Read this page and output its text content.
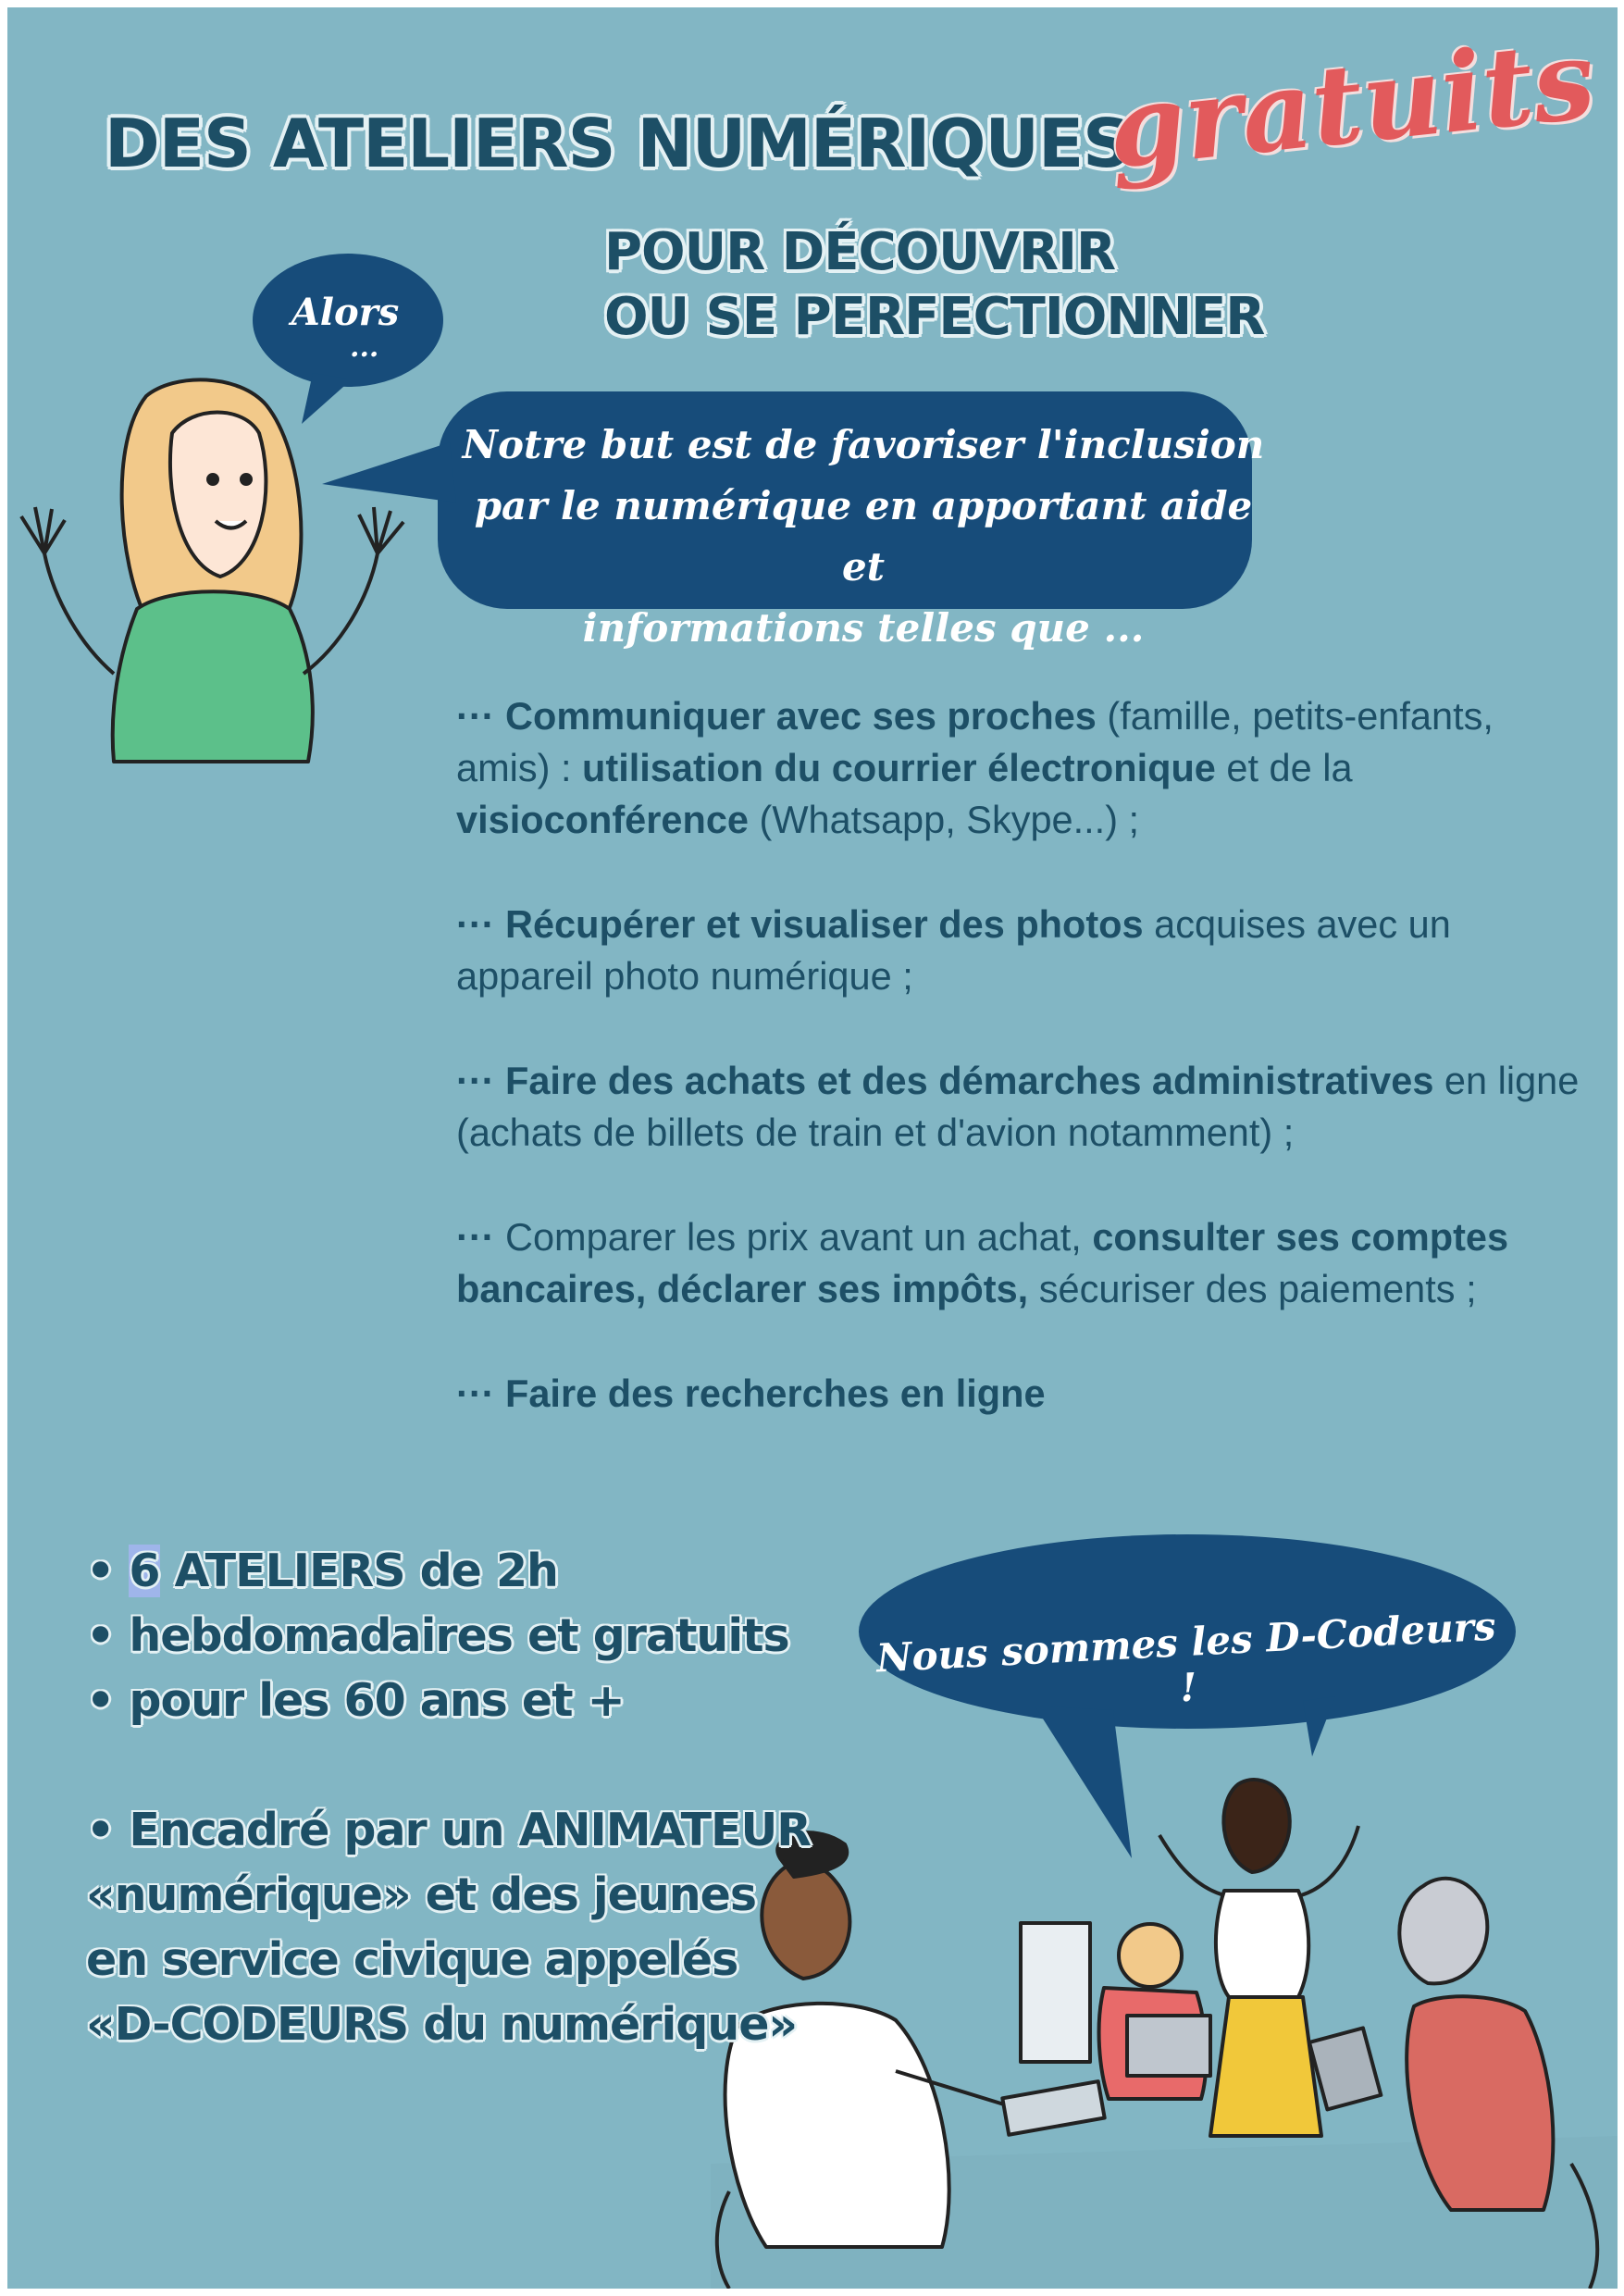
DES ATELIERS NUMÉRIQUES
gratuits
POUR DÉCOUVRIR
OU SE PERFECTIONNER
Alors
...
Notre but est de favoriser l'inclusion
par le numérique en apportant aide et
informations telles que ...
Nous sommes les D-Codeurs !

··· Communiquer avec ses proches (famille, petits-enfants, amis) : utilisation du courrier électronique et de la visioconférence (Whatsapp, Skype...) ;

··· Récupérer et visualiser des photos acquises avec un appareil photo numérique ;

··· Faire des achats et des démarches administratives en ligne (achats de billets de train et d'avion notamment) ;

··· Comparer les prix avant un achat, consulter ses comptes bancaires, déclarer ses impôts, sécuriser des paiements ;

··· Faire des recherches en ligne

• 6 ATELIERS de 2h
• hebdomadaires et gratuits
• pour les 60 ans et +
• Encadré par un ANIMATEUR
«numérique» et des jeunes
en service civique appelés
«D-CODEURS du numérique»
